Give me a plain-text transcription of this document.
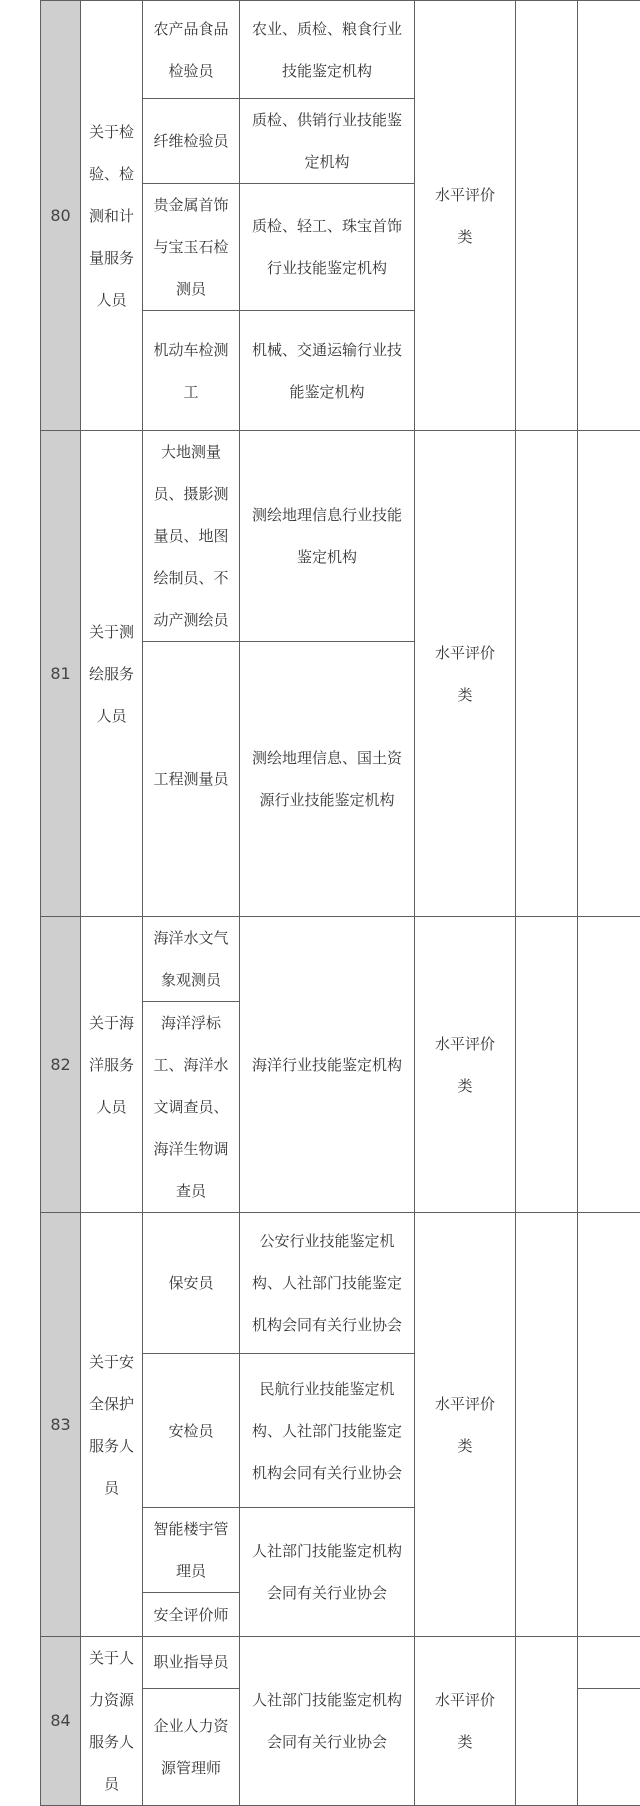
80	关于检验、检测和计量服务人员	农产品食品检验员	农业、质检、粮食行业技能鉴定机构	水平评价类		
		纤维检验员	质检、供销行业技能鉴定机构			
		贵金属首饰与宝玉石检测员	质检、轻工、珠宝首饰行业技能鉴定机构			
		机动车检测工	机械、交通运输行业技能鉴定机构			
81	关于测绘服务人员	大地测量员、摄影测量员、地图绘制员、不动产测绘员	测绘地理信息行业技能鉴定机构	水平评价类		
		工程测量员	测绘地理信息、国土资源行业技能鉴定机构			
82	关于海洋服务人员	海洋水文气象观测员	海洋行业技能鉴定机构	水平评价类		
		海洋浮标工、海洋水文调查员、海洋生物调查员				
83	关于安全保护服务人员	保安员	公安行业技能鉴定机构、人社部门技能鉴定机构会同有关行业协会	水平评价类		
		安检员	民航行业技能鉴定机构、人社部门技能鉴定机构会同有关行业协会			
		智能楼宇管理员	人社部门技能鉴定机构会同有关行业协会			
		安全评价师				
84	关于人力资源服务人员	职业指导员	人社部门技能鉴定机构会同有关行业协会	水平评价类		
		企业人力资源管理师				
